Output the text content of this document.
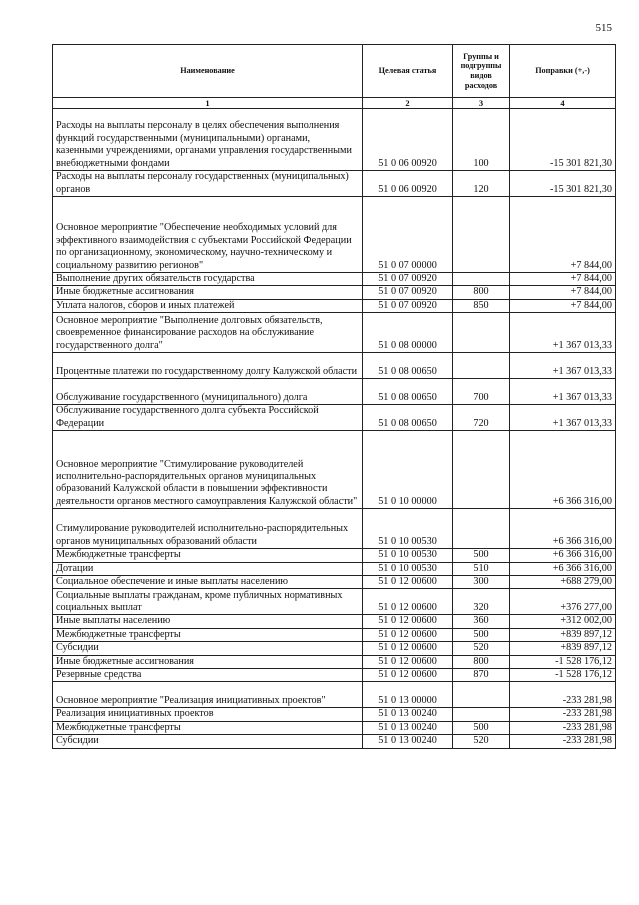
515
Наименование	Целевая статья	Группы и подгруппы видов расходов	Поправки (+,-)
1	2	3	4
Расходы на выплаты персоналу в целях обеспечения выполнения функций государственными (муниципальными) органами, казенными учреждениями, органами управления государственными внебюджетными фондами	51 0 06 00920	100	-15 301 821,30
Расходы на выплаты персоналу государственных (муниципальных) органов	51 0 06 00920	120	-15 301 821,30
Основное мероприятие "Обеспечение необходимых условий для эффективного взаимодействия с субъектами Российской Федерации по организационному, экономическому, научно-техническому и социальному развитию регионов"	51 0 07 00000		+7 844,00
Выполнение других обязательств государства	51 0 07 00920		+7 844,00
Иные бюджетные ассигнования	51 0 07 00920	800	+7 844,00
Уплата налогов, сборов и иных платежей	51 0 07 00920	850	+7 844,00
Основное мероприятие "Выполнение долговых обязательств, своевременное финансирование расходов на обслуживание государственного долга"	51 0 08 00000		+1 367 013,33
Процентные платежи по государственному долгу Калужской области	51 0 08 00650		+1 367 013,33
Обслуживание государственного (муниципального) долга	51 0 08 00650	700	+1 367 013,33
Обслуживание государственного долга субъекта Российской Федерации	51 0 08 00650	720	+1 367 013,33
Основное мероприятие "Стимулирование руководителей исполнительно-распорядительных органов муниципальных образований Калужской области в повышении эффективности деятельности органов местного самоуправления Калужской области"	51 0 10 00000		+6 366 316,00
Стимулирование руководителей исполнительно-распорядительных органов муниципальных образований области	51 0 10 00530		+6 366 316,00
Межбюджетные трансферты	51 0 10 00530	500	+6 366 316,00
Дотации	51 0 10 00530	510	+6 366 316,00
Социальное обеспечение и иные выплаты населению	51 0 12 00600	300	+688 279,00
Социальные выплаты гражданам, кроме публичных нормативных социальных выплат	51 0 12 00600	320	+376 277,00
Иные выплаты населению	51 0 12 00600	360	+312 002,00
Межбюджетные трансферты	51 0 12 00600	500	+839 897,12
Субсидии	51 0 12 00600	520	+839 897,12
Иные бюджетные ассигнования	51 0 12 00600	800	-1 528 176,12
Резервные средства	51 0 12 00600	870	-1 528 176,12
Основное мероприятие "Реализация инициативных проектов"	51 0 13 00000		-233 281,98
Реализация инициативных проектов	51 0 13 00240		-233 281,98
Межбюджетные трансферты	51 0 13 00240	500	-233 281,98
Субсидии	51 0 13 00240	520	-233 281,98
